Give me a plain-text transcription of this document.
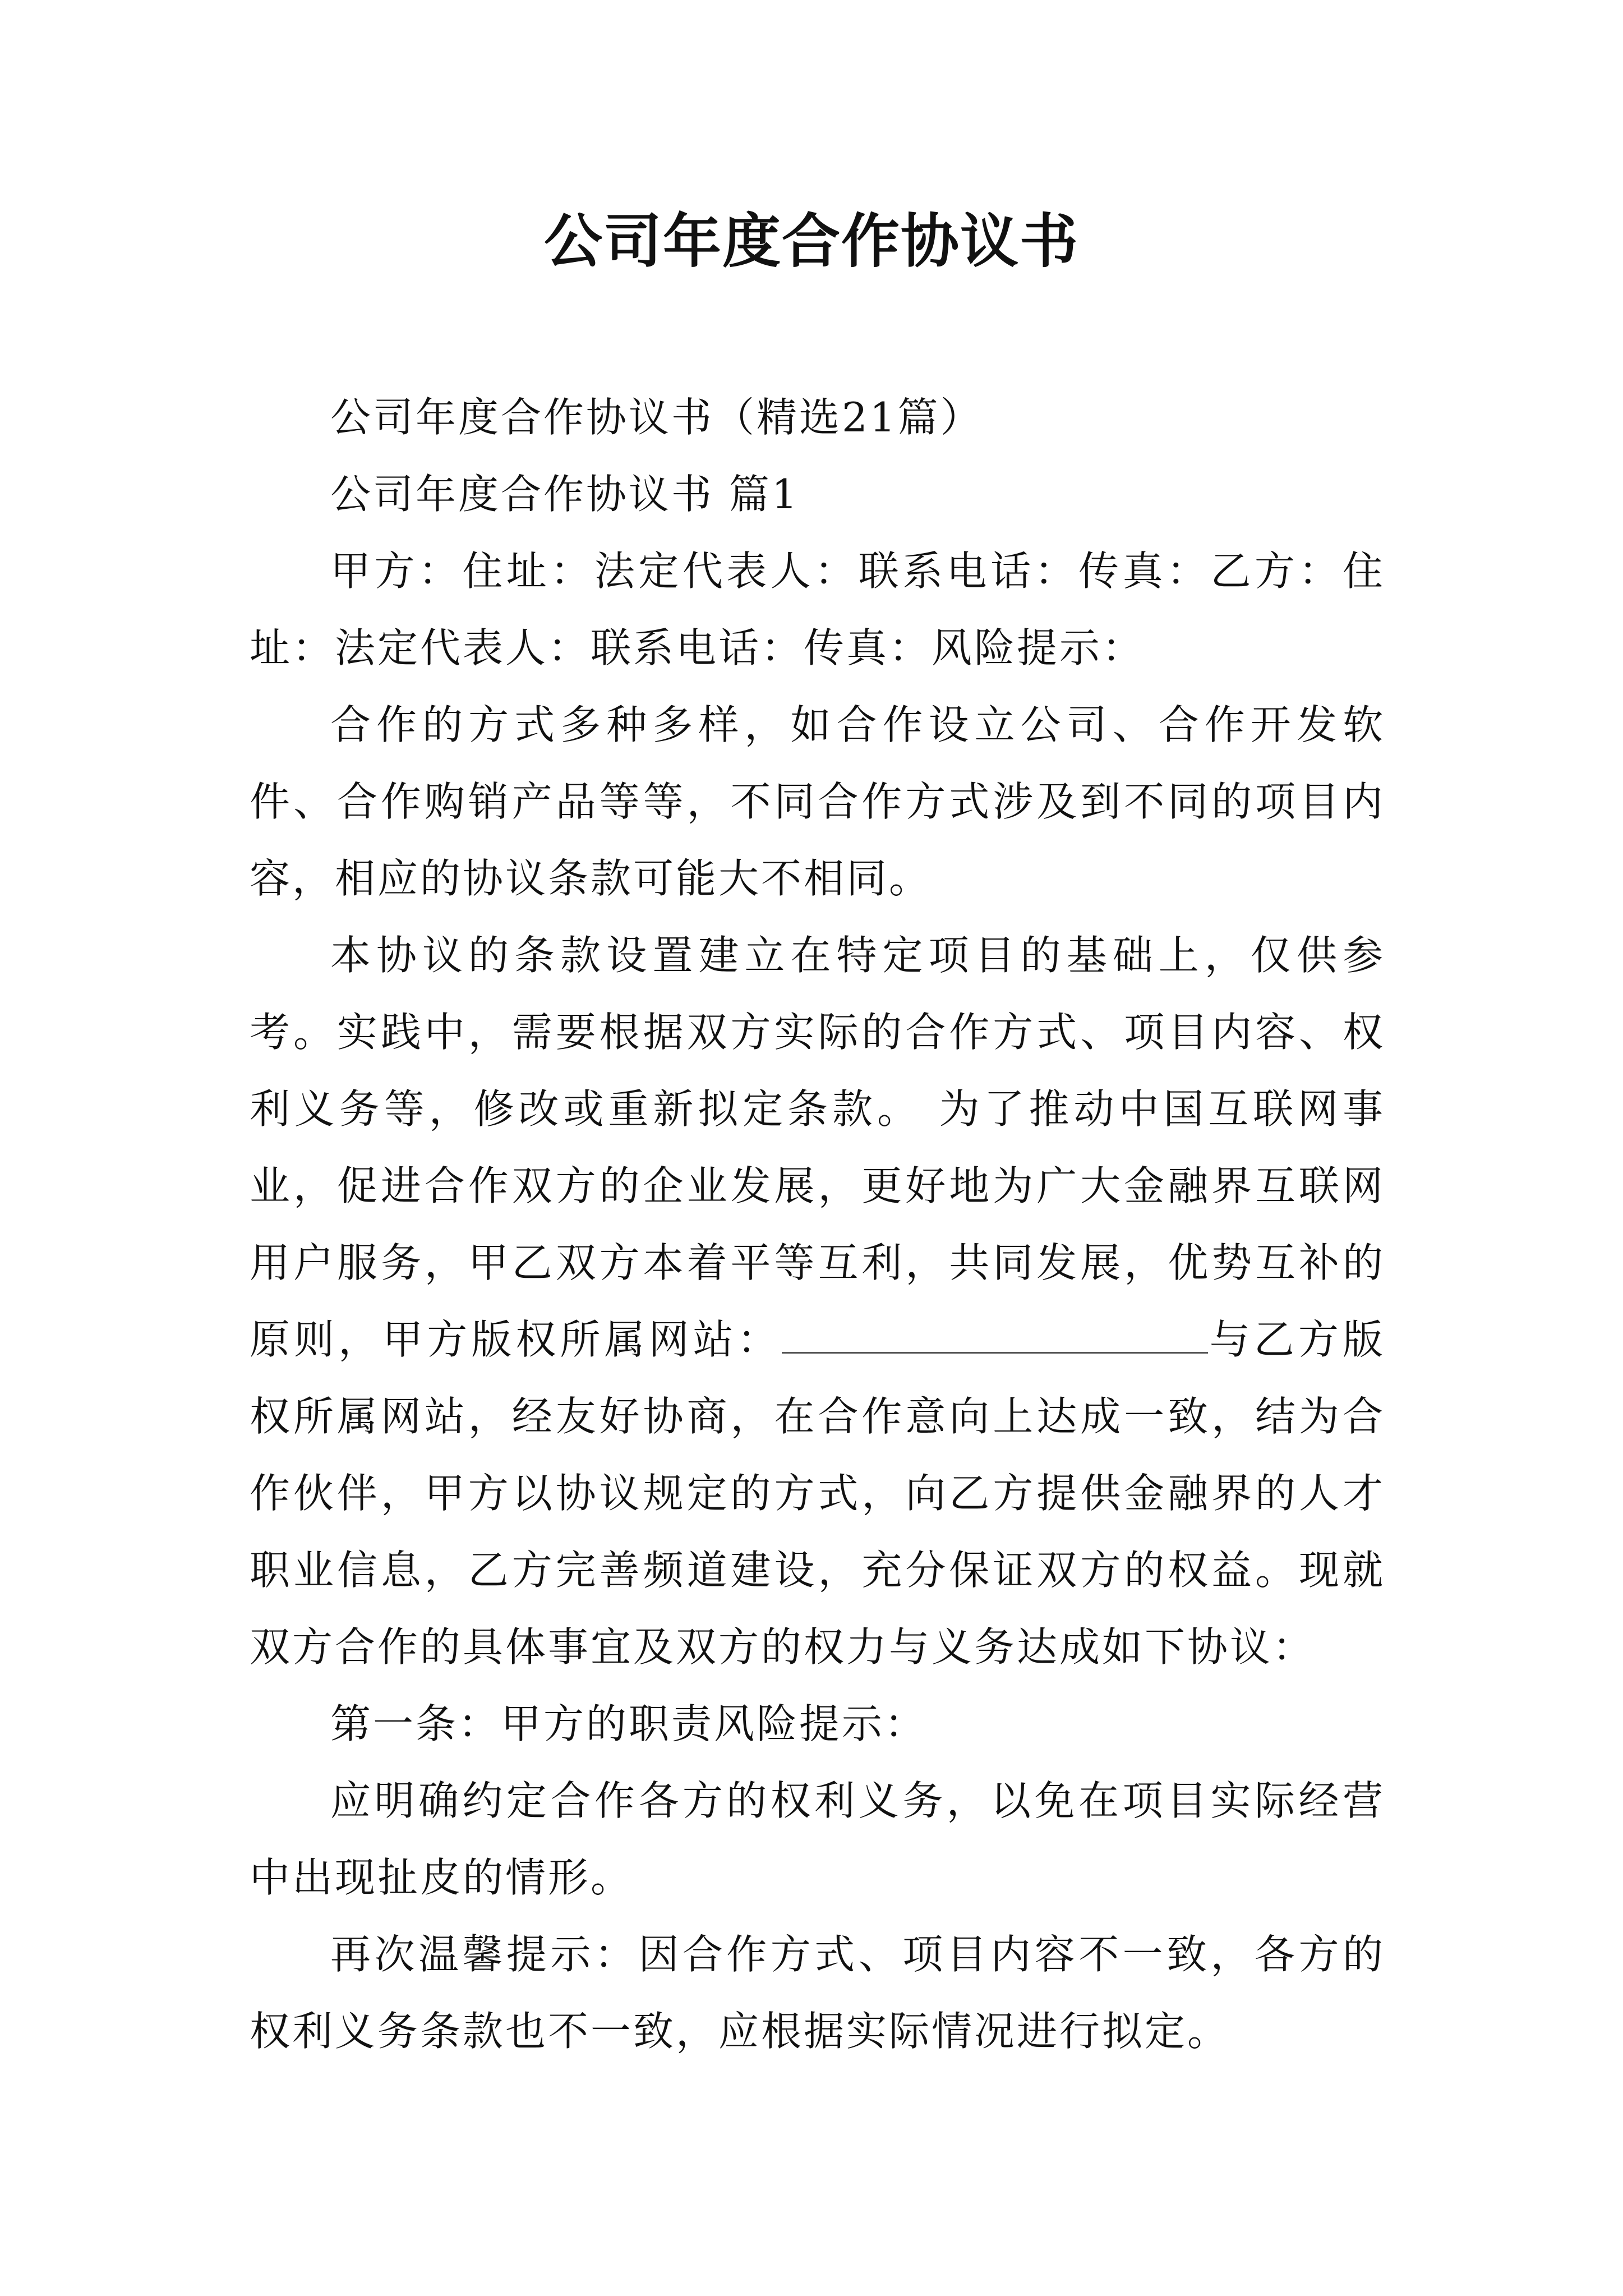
公司年度合作协议书

公司年度合作协议书（精选21篇）

公司年度合作协议书 篇1

甲方：住址：法定代表人：联系电话：传真：乙方：住址：法定代表人：联系电话：传真：风险提示：

合作的方式多种多样，如合作设立公司、合作开发软件、合作购销产品等等，不同合作方式涉及到不同的项目内容，相应的协议条款可能大不相同。

本协议的条款设置建立在特定项目的基础上，仅供参考。实践中，需要根据双方实际的合作方式、项目内容、权利义务等，修改或重新拟定条款。 为了推动中国互联网事业，促进合作双方的企业发展，更好地为广大金融界互联网用户服务，甲乙双方本着平等互利，共同发展，优势互补的原则，甲方版权所属网站：	与乙方版权所属网站，经友好协商，在合作意向上达成一致，结为合作伙伴，甲方以协议规定的方式，向乙方提供金融界的人才职业信息，乙方完善频道建设，充分保证双方的权益。现就双方合作的具体事宜及双方的权力与义务达成如下协议：

第一条：甲方的职责风险提示：

应明确约定合作各方的权利义务，以免在项目实际经营中出现扯皮的情形。

再次温馨提示：因合作方式、项目内容不一致，各方的权利义务条款也不一致，应根据实际情况进行拟定。
